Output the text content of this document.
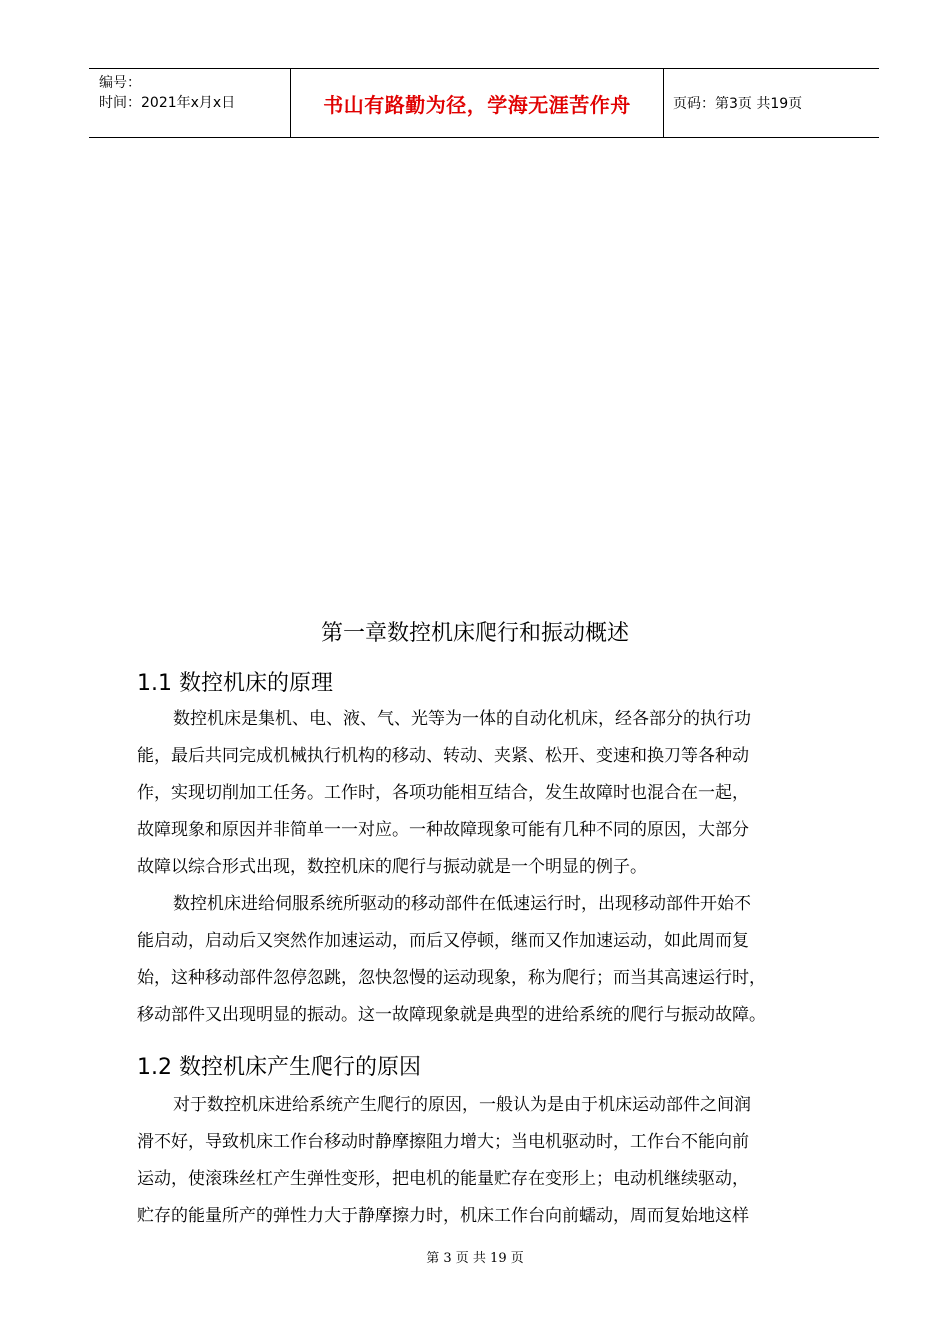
编号：
时间：2021年x月x日	书山有路勤为径，学海无涯苦作舟	页码：第3页 共19页
第一章数控机床爬行和振动概述
1.1 数控机床的原理
数控机床是集机、电、液、气、光等为一体的自动化机床，经各部分的执行功
能，最后共同完成机械执行机构的移动、转动、夹紧、松开、变速和换刀等各种动
作，实现切削加工任务。工作时，各项功能相互结合，发生故障时也混合在一起，
故障现象和原因并非简单一一对应。一种故障现象可能有几种不同的原因，大部分
故障以综合形式出现，数控机床的爬行与振动就是一个明显的例子。
数控机床进给伺服系统所驱动的移动部件在低速运行时，出现移动部件开始不
能启动，启动后又突然作加速运动，而后又停顿，继而又作加速运动，如此周而复
始，这种移动部件忽停忽跳，忽快忽慢的运动现象，称为爬行；而当其高速运行时，
移动部件又出现明显的振动。这一故障现象就是典型的进给系统的爬行与振动故障。
1.2 数控机床产生爬行的原因
对于数控机床进给系统产生爬行的原因，一般认为是由于机床运动部件之间润
滑不好，导致机床工作台移动时静摩擦阻力增大；当电机驱动时，工作台不能向前
运动，使滚珠丝杠产生弹性变形，把电机的能量贮存在变形上；电动机继续驱动，
贮存的能量所产的弹性力大于静摩擦力时，机床工作台向前蠕动，周而复始地这样
第 3 页 共 19 页
